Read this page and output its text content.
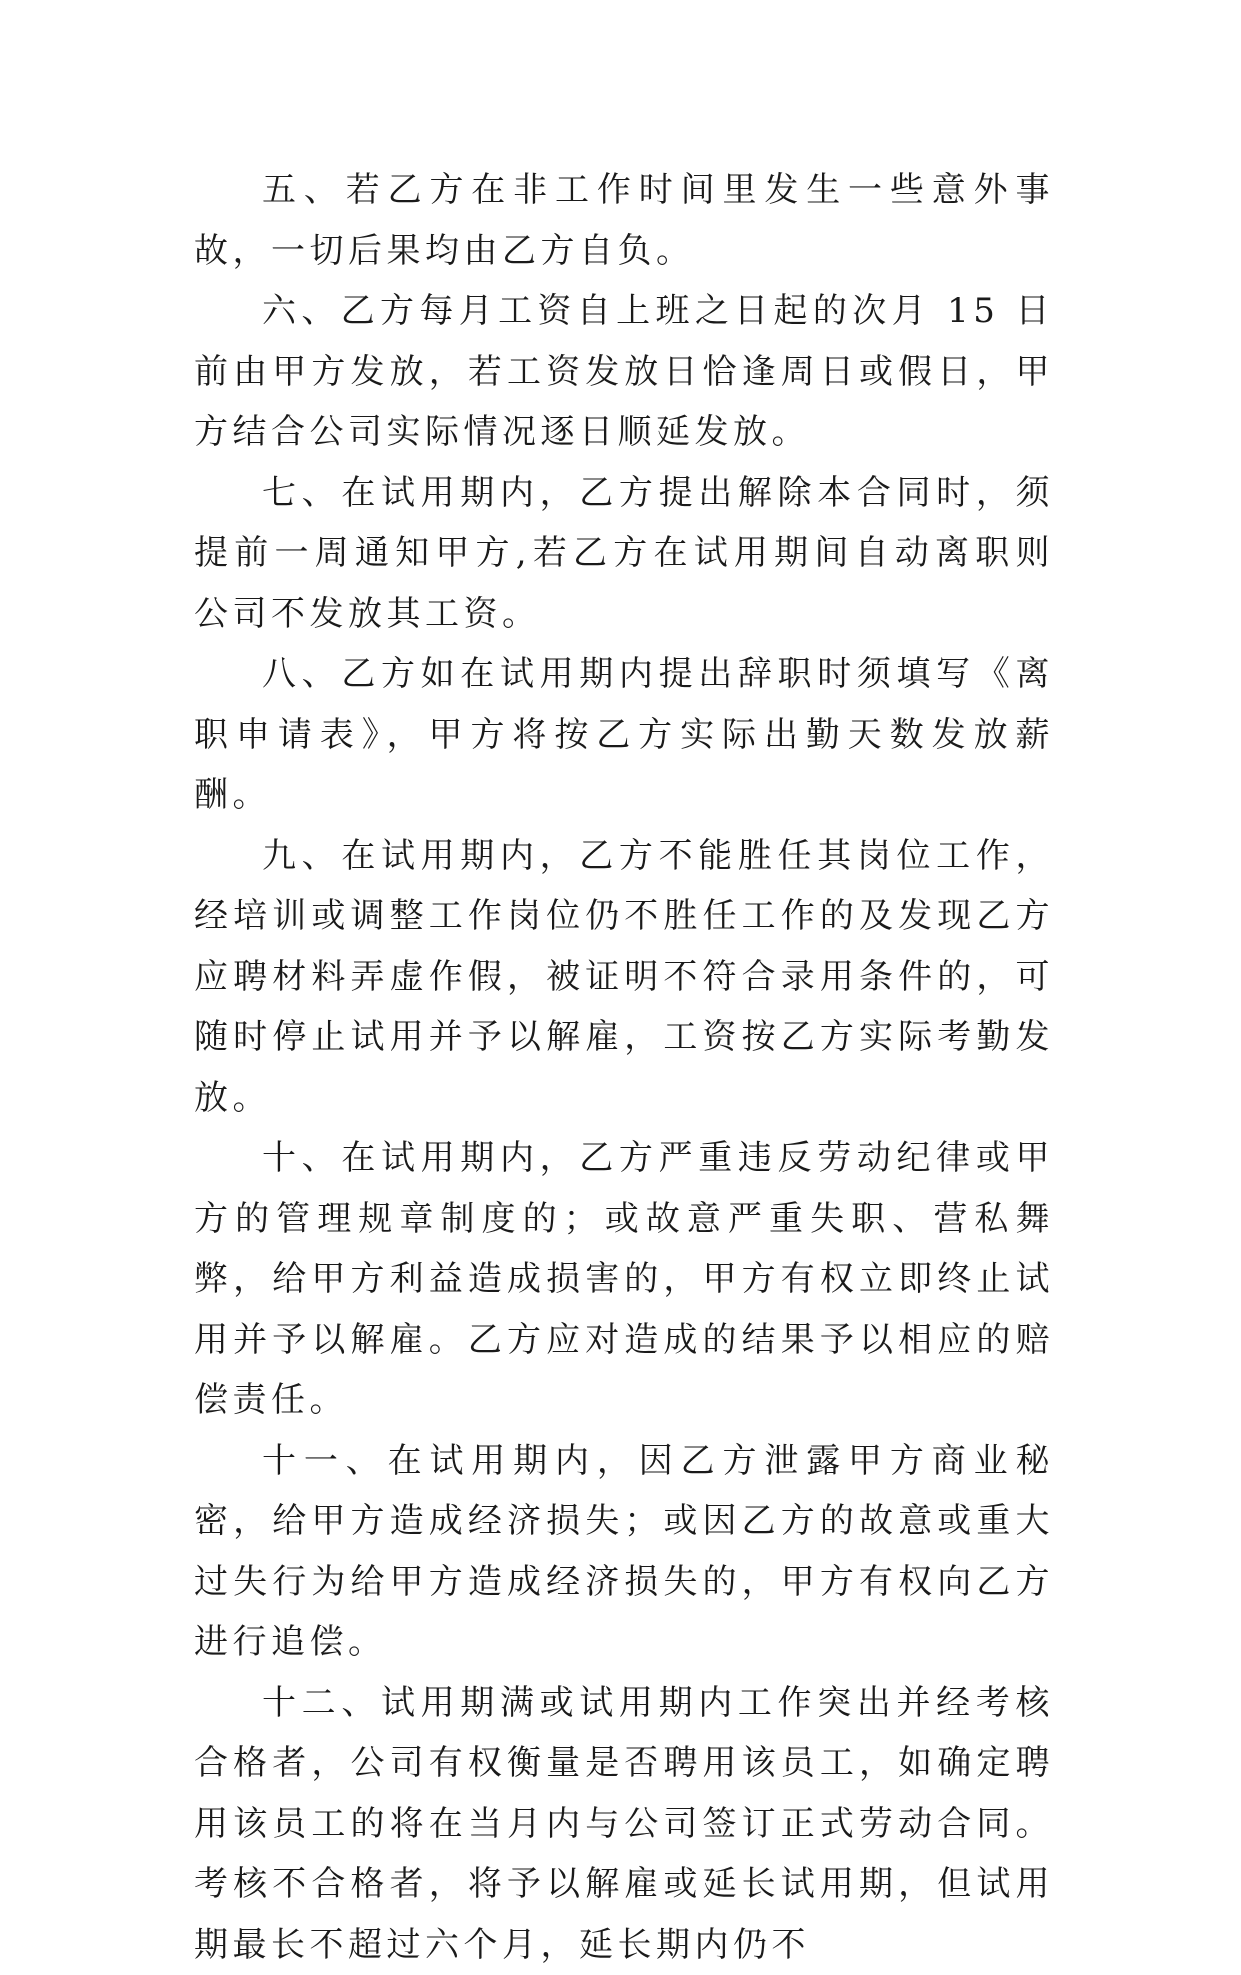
五、若乙方在非工作时间里发生一些意外事故，一切后果均由乙方自负。

六、乙方每月工资自上班之日起的次月 15 日前由甲方发放，若工资发放日恰逢周日或假日，甲方结合公司实际情况逐日顺延发放。

七、在试用期内，乙方提出解除本合同时，须提前一周通知甲方,若乙方在试用期间自动离职则公司不发放其工资。

八、乙方如在试用期内提出辞职时须填写《离职申请表》，甲方将按乙方实际出勤天数发放薪酬。

九、在试用期内，乙方不能胜任其岗位工作，经培训或调整工作岗位仍不胜任工作的及发现乙方应聘材料弄虚作假，被证明不符合录用条件的，可随时停止试用并予以解雇，工资按乙方实际考勤发放。

十、在试用期内，乙方严重违反劳动纪律或甲方的管理规章制度的；或故意严重失职、营私舞弊，给甲方利益造成损害的，甲方有权立即终止试用并予以解雇。乙方应对造成的结果予以相应的赔偿责任。

十一、在试用期内，因乙方泄露甲方商业秘密，给甲方造成经济损失；或因乙方的故意或重大过失行为给甲方造成经济损失的，甲方有权向乙方进行追偿。

十二、试用期满或试用期内工作突出并经考核合格者，公司有权衡量是否聘用该员工，如确定聘用该员工的将在当月内与公司签订正式劳动合同。考核不合格者，将予以解雇或延长试用期，但试用期最长不超过六个月，延长期内仍不
